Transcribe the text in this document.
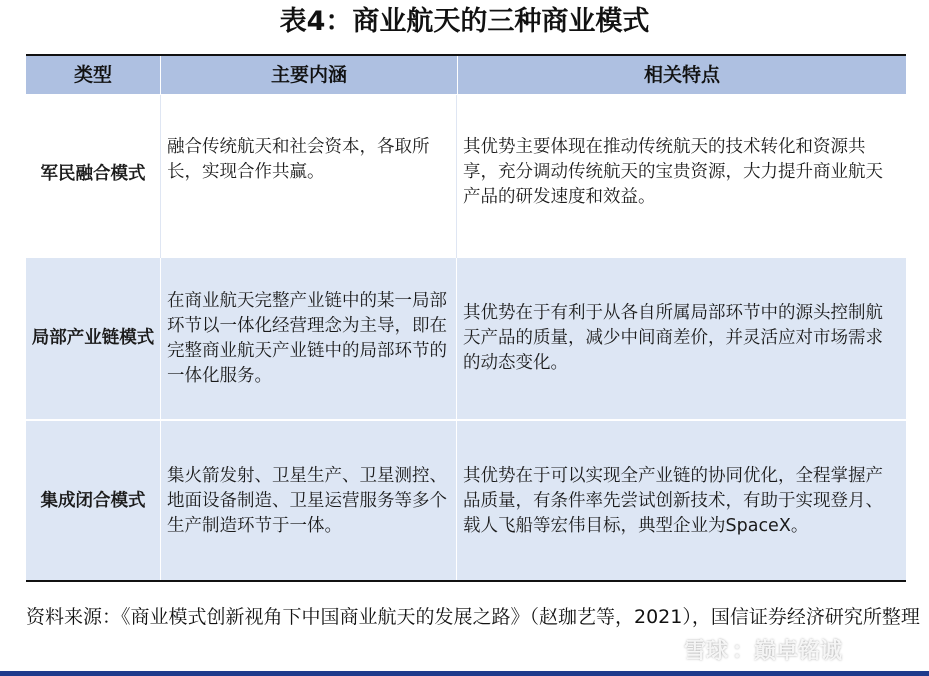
表4：商业航天的三种商业模式
类型	主要内涵	相关特点
军民融合模式
融合传统航天和社会资本，各取所长，实现合作共赢。
其优势主要体现在推动传统航天的技术转化和资源共享，充分调动传统航天的宝贵资源，大力提升商业航天产品的研发速度和效益。
局部产业链模式
在商业航天完整产业链中的某一局部环节以一体化经营理念为主导，即在完整商业航天产业链中的局部环节的一体化服务。
其优势在于有利于从各自所属局部环节中的源头控制航天产品的质量，减少中间商差价，并灵活应对市场需求的动态变化。
集成闭合模式
集火箭发射、卫星生产、卫星测控、地面设备制造、卫星运营服务等多个生产制造环节于一体。
其优势在于可以实现全产业链的协同优化，全程掌握产品质量，有条件率先尝试创新技术，有助于实现登月、载人飞船等宏伟目标，典型企业为SpaceX。
资料来源：《商业模式创新视角下中国商业航天的发展之路》（赵珈艺等，2021），国信证券经济研究所整理
雪球 ：巅卓铭诚
